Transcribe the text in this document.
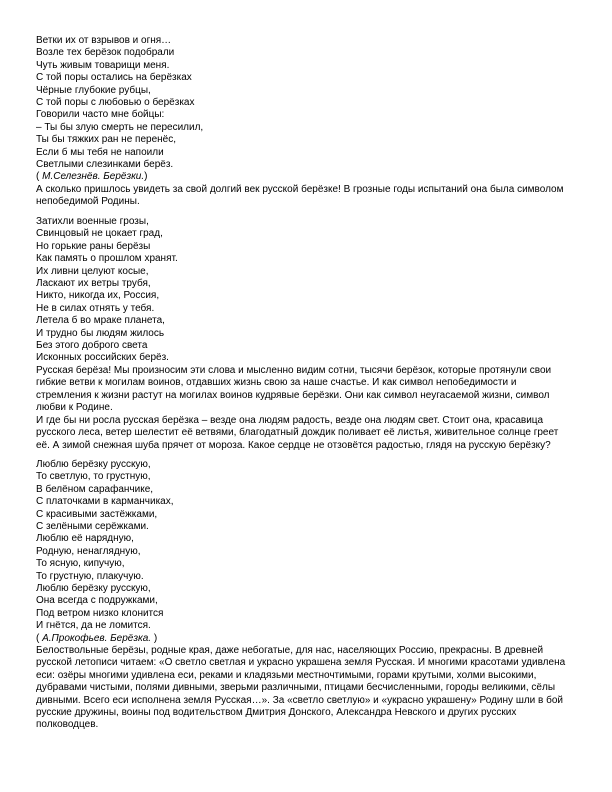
Ветки их от взрывов и огня…
Возле тех берёзок подобрали
Чуть живым товарищи меня.
С той поры остались на берёзках
Чёрные глубокие рубцы,
С той поры с любовью о берёзках
Говорили часто мне бойцы:
– Ты бы злую смерть не пересилил,
Ты бы тяжких ран не перенёс,
Если б мы тебя не напоили
Светлыми слезинками берёз.
( М.Селезнёв. Берёзки.)
А сколько пришлось увидеть за свой долгий век русской берёзке! В грозные годы испытаний она была символом
непобедимой Родины.
Затихли военные грозы,
Свинцовый не цокает град,
Но горькие раны берёзы
Как память о прошлом хранят.
Их ливни целуют косые,
Ласкают их ветры трубя,
Никто, никогда их, Россия,
Не в силах отнять у тебя.
Летела б во мраке планета,
И трудно бы людям жилось
Без этого доброго света
Исконных российских берёз.
Русская берёза! Мы произносим эти слова и мысленно видим сотни, тысячи берёзок, которые протянули свои
гибкие ветви к могилам воинов, отдавших жизнь свою за наше счастье. И как символ непобедимости и
стремления к жизни растут на могилах воинов кудрявые берёзки. Они как символ неугасаемой жизни, символ
любви к Родине.
И где бы ни росла русская берёзка – везде она людям радость, везде она людям свет. Стоит она, красавица
русского леса, ветер шелестит её ветвями, благодатный дождик поливает её листья, живительное солнце греет
её. А зимой снежная шуба прячет от мороза. Какое сердце не отзовётся радостью, глядя на русскую берёзку?
Люблю берёзку русскую,
То светлую, то грустную,
В белёном сарафанчике,
С платочками в карманчиках,
С красивыми застёжками,
С зелёными серёжками.
Люблю её нарядную,
Родную, ненаглядную,
То ясную, кипучую,
То грустную, плакучую.
Люблю берёзку русскую,
Она всегда с подружками,
Под ветром низко клонится
И гнётся, да не ломится.
( А.Прокофьев. Берёзка. )
Белоствольные берёзы, родные края, даже небогатые, для нас, населяющих Россию, прекрасны. В древней
русской летописи читаем: «О светло светлая и украсно украшена земля Русская. И многими красотами удивлена
еси: озёры многими удивлена еси, реками и кладязьми местночтимыми, горами крутыми, холми высокими,
дубравами чистыми, полями дивными, зверьми различными, птицами бесчисленными, городы великими, сёлы
дивными. Всего еси исполнена земля Русская…». За «светло светлую» и «украсно украшену» Родину шли в бой
русские дружины, воины под водительством Дмитрия Донского, Александра Невского и других русских
полководцев.
